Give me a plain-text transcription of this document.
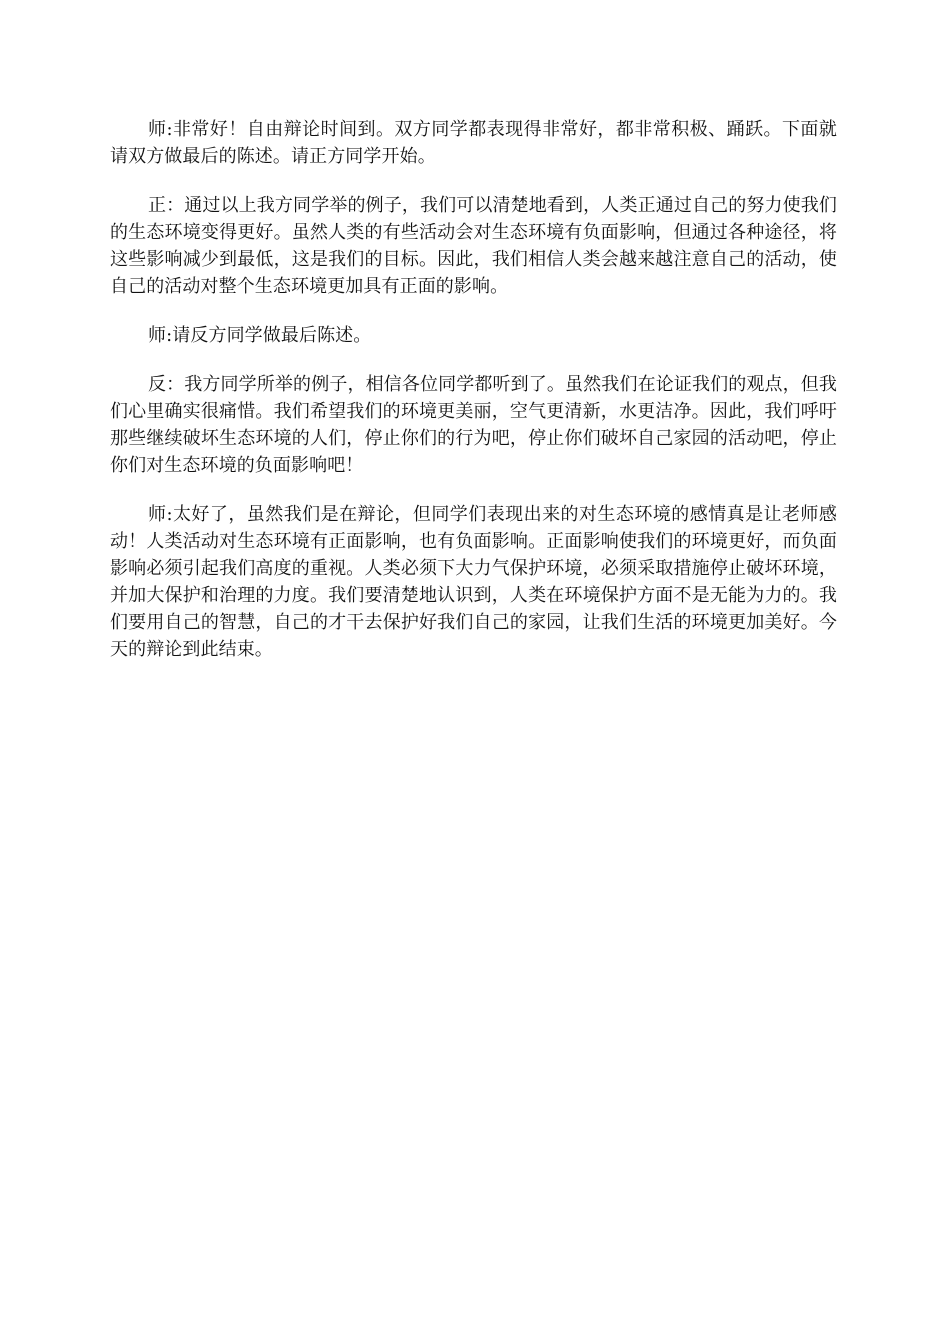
师:非常好！自由辩论时间到。双方同学都表现得非常好，都非常积极、踊跃。下面就请双方做最后的陈述。请正方同学开始。

正：通过以上我方同学举的例子，我们可以清楚地看到，人类正通过自己的努力使我们的生态环境变得更好。虽然人类的有些活动会对生态环境有负面影响，但通过各种途径，将这些影响减少到最低，这是我们的目标。因此，我们相信人类会越来越注意自己的活动，使自己的活动对整个生态环境更加具有正面的影响。

师:请反方同学做最后陈述。

反：我方同学所举的例子，相信各位同学都听到了。虽然我们在论证我们的观点，但我们心里确实很痛惜。我们希望我们的环境更美丽，空气更清新，水更洁净。因此，我们呼吁那些继续破坏生态环境的人们，停止你们的行为吧，停止你们破坏自己家园的活动吧，停止你们对生态环境的负面影响吧！

师:太好了，虽然我们是在辩论，但同学们表现出来的对生态环境的感情真是让老师感动！人类活动对生态环境有正面影响，也有负面影响。正面影响使我们的环境更好，而负面影响必须引起我们高度的重视。人类必须下大力气保护环境，必须采取措施停止破坏环境，并加大保护和治理的力度。我们要清楚地认识到，人类在环境保护方面不是无能为力的。我们要用自己的智慧，自己的才干去保护好我们自己的家园，让我们生活的环境更加美好。今天的辩论到此结束。
